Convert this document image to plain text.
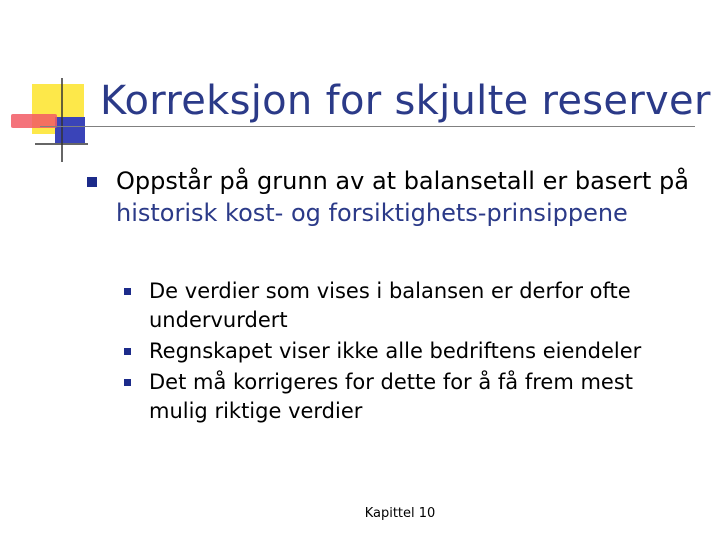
Korreksjon for skjulte reserver
Oppstår på grunn av at balansetall er basert på historisk kost- og forsiktighets-prinsippene
De verdier som vises i balansen er derfor ofte undervurdert
Regnskapet viser ikke alle bedriftens eiendeler
Det må korrigeres for dette for å få frem mest mulig riktige verdier
Kapittel 10
